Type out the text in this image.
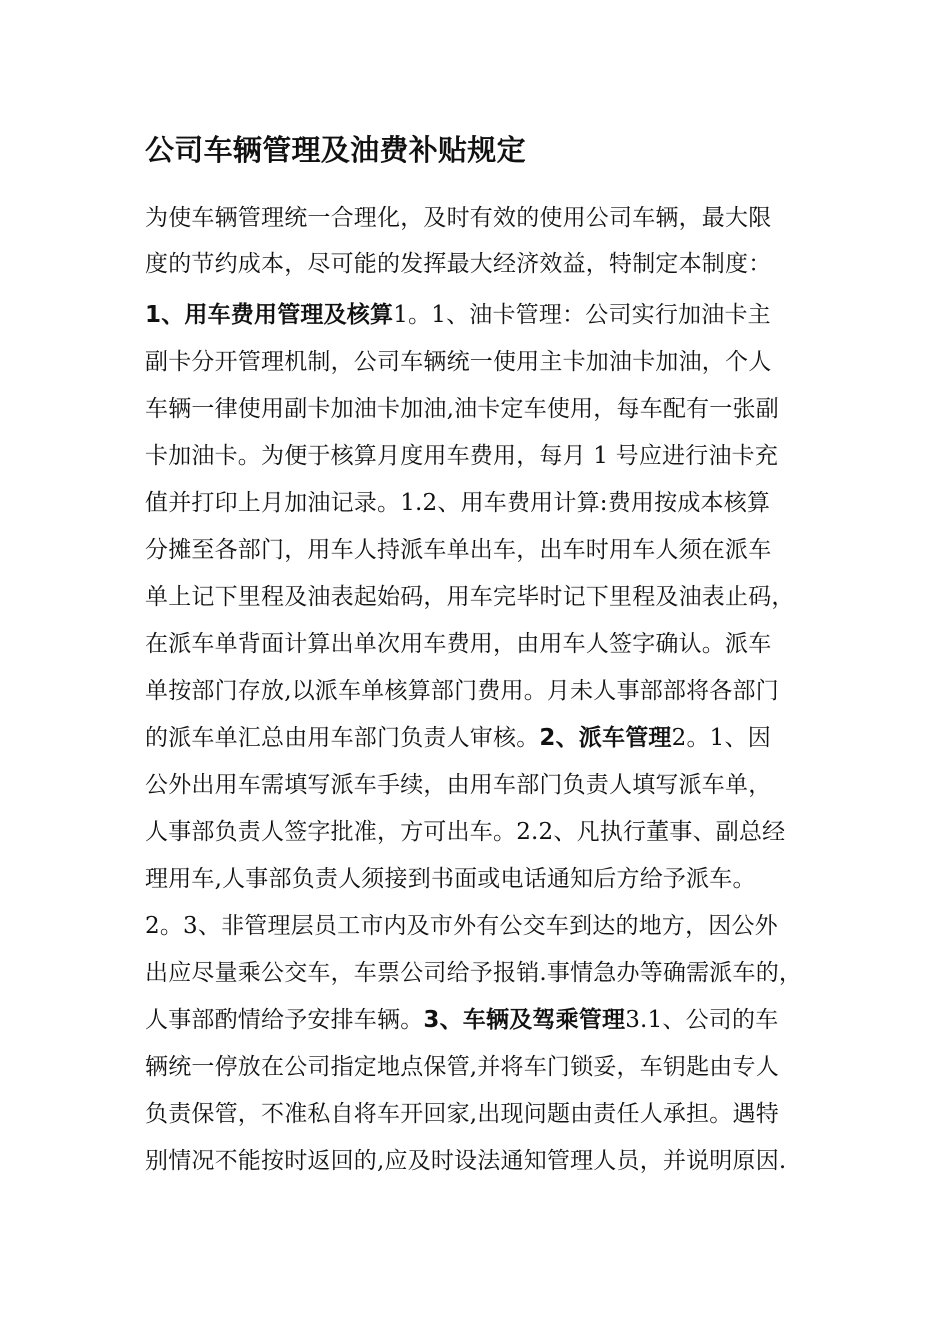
公司车辆管理及油费补贴规定
为使车辆管理统一合理化，及时有效的使用公司车辆，最大限
度的节约成本，尽可能的发挥最大经济效益，特制定本制度：
1、用车费用管理及核算1。1、油卡管理：公司实行加油卡主
副卡分开管理机制，公司车辆统一使用主卡加油卡加油，个人
车辆一律使用副卡加油卡加油,油卡定车使用，每车配有一张副
卡加油卡。为便于核算月度用车费用，每月 1 号应进行油卡充
值并打印上月加油记录。1.2、用车费用计算:费用按成本核算
分摊至各部门，用车人持派车单出车，出车时用车人须在派车
单上记下里程及油表起始码，用车完毕时记下里程及油表止码，
在派车单背面计算出单次用车费用，由用车人签字确认。派车
单按部门存放,以派车单核算部门费用。月未人事部部将各部门
的派车单汇总由用车部门负责人审核。2、派车管理2。1、因
公外出用车需填写派车手续，由用车部门负责人填写派车单，
人事部负责人签字批准，方可出车。2.2、凡执行董事、副总经
理用车,人事部负责人须接到书面或电话通知后方给予派车。
2。3、非管理层员工市内及市外有公交车到达的地方，因公外
出应尽量乘公交车，车票公司给予报销.事情急办等确需派车的，
人事部酌情给予安排车辆。3、车辆及驾乘管理3.1、公司的车
辆统一停放在公司指定地点保管,并将车门锁妥，车钥匙由专人
负责保管，不准私自将车开回家,出现问题由责任人承担。遇特
别情况不能按时返回的,应及时设法通知管理人员，并说明原因.
